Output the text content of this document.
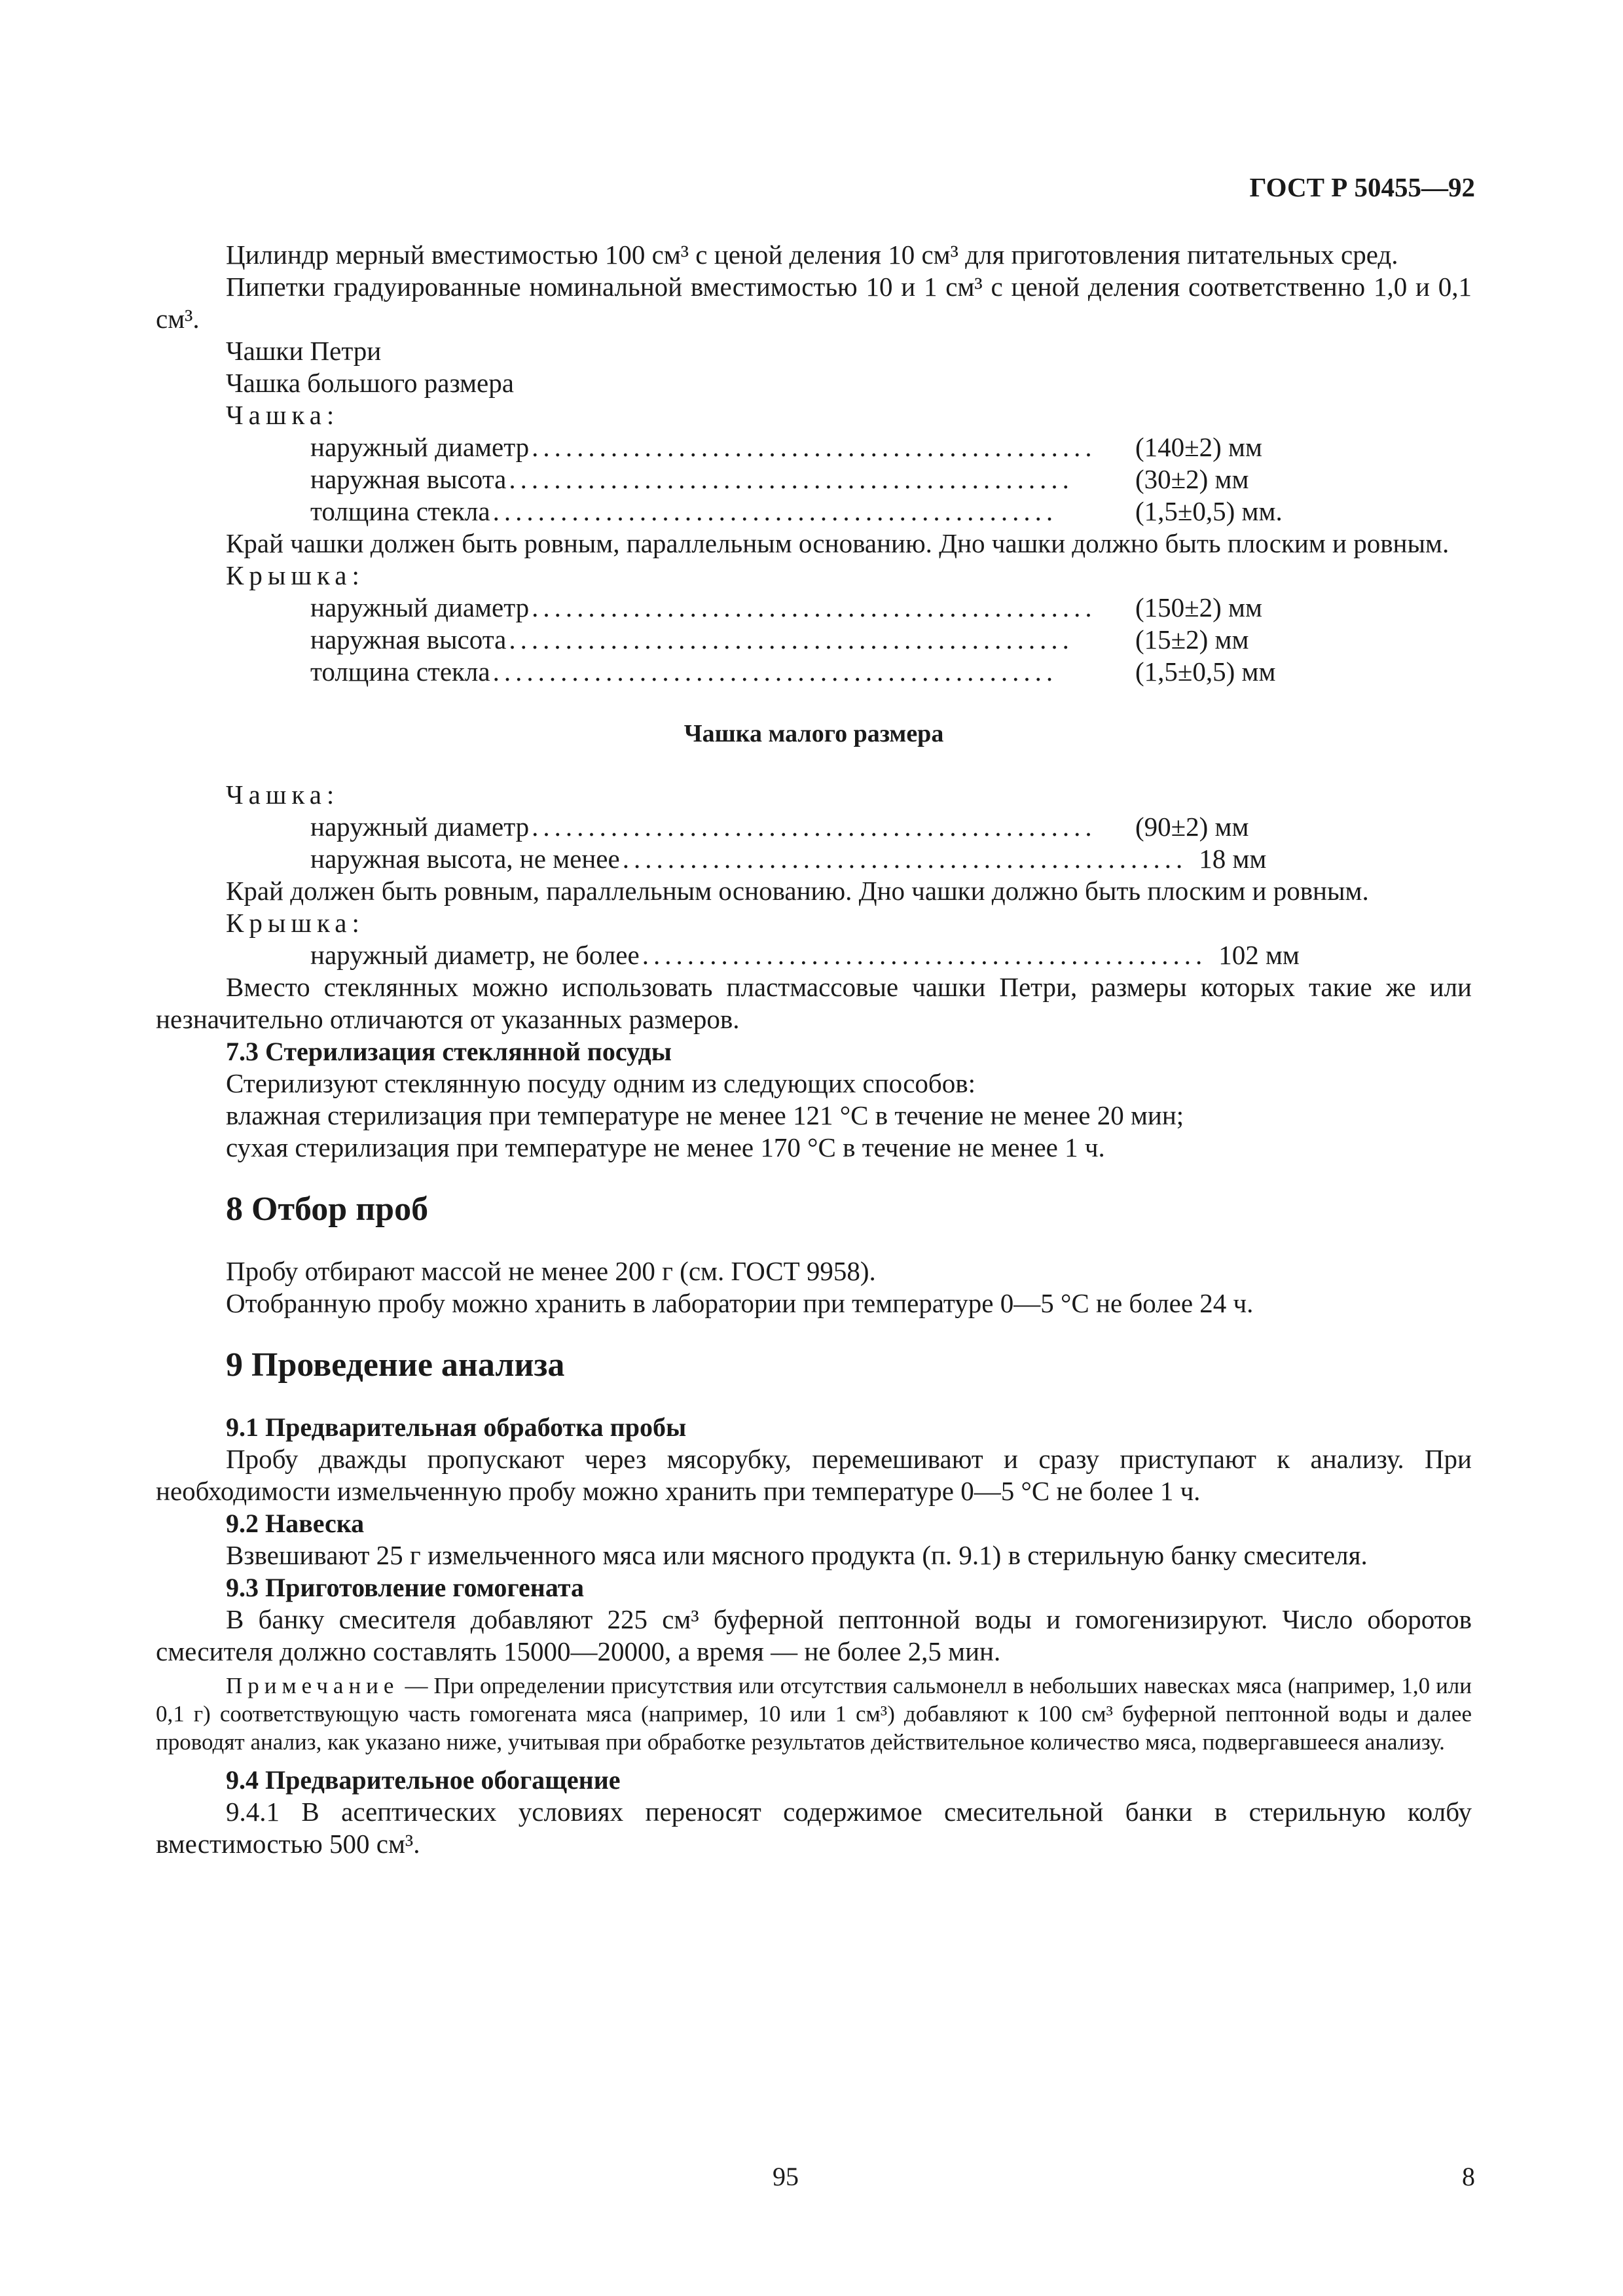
ГОСТ Р 50455—92

Цилиндр мерный вместимостью 100 см³ с ценой деления 10 см³ для приготовления питательных сред.

Пипетки градуированные номинальной вместимостью 10 и 1 см³ с ценой деления соответственно 1,0 и 0,1 см³.

Чашки Петри

Чашка большого размера

Чашка:

наружный диаметр ..................................................	(140±2) мм
наружная высота ..................................................	(30±2) мм
толщина стекла ..................................................	(1,5±0,5) мм.

Край чашки должен быть ровным, параллельным основанию. Дно чашки должно быть плоским и ровным.

Крышка:

наружный диаметр ..................................................	(150±2) мм
наружная высота ..................................................	(15±2) мм
толщина стекла ..................................................	(1,5±0,5) мм
Чашка малого размера

Чашка:

наружный диаметр ..................................................	(90±2) мм
наружная высота, не менее .................................................. 18 мм

Край должен быть ровным, параллельным основанию. Дно чашки должно быть плоским и ровным.

Крышка:

наружный диаметр, не более .................................................. 102 мм

Вместо стеклянных можно использовать пластмассовые чашки Петри, размеры которых такие же или незначительно отличаются от указанных размеров.

7.3 Стерилизация стеклянной посуды

Стерилизуют стеклянную посуду одним из следующих способов:

влажная стерилизация при температуре не менее 121 °С в течение не менее 20 мин;

сухая стерилизация при температуре не менее 170 °С в течение не менее 1 ч.

8 Отбор проб

Пробу отбирают массой не менее 200 г (см. ГОСТ 9958).

Отобранную пробу можно хранить в лаборатории при температуре 0—5 °С не более 24 ч.

9 Проведение анализа

9.1 Предварительная обработка пробы

Пробу дважды пропускают через мясорубку, перемешивают и сразу приступают к анализу. При необходимости измельченную пробу можно хранить при температуре 0—5 °С не более 1 ч.

9.2 Навеска

Взвешивают 25 г измельченного мяса или мясного продукта (п. 9.1) в стерильную банку смесителя.

9.3 Приготовление гомогената

В банку смесителя добавляют 225 см³ буферной пептонной воды и гомогенизируют. Число оборотов смесителя должно составлять 15000—20000, а время — не более 2,5 мин.

Примечание — При определении присутствия или отсутствия сальмонелл в небольших навесках мяса (например, 1,0 или 0,1 г) соответствующую часть гомогената мяса (например, 10 или 1 см³) добавляют к 100 см³ буферной пептонной воды и далее проводят анализ, как указано ниже, учитывая при обработке результатов действительное количество мяса, подвергавшееся анализу.

9.4 Предварительное обогащение

9.4.1 В асептических условиях переносят содержимое смесительной банки в стерильную колбу вместимостью 500 см³.

95	8
